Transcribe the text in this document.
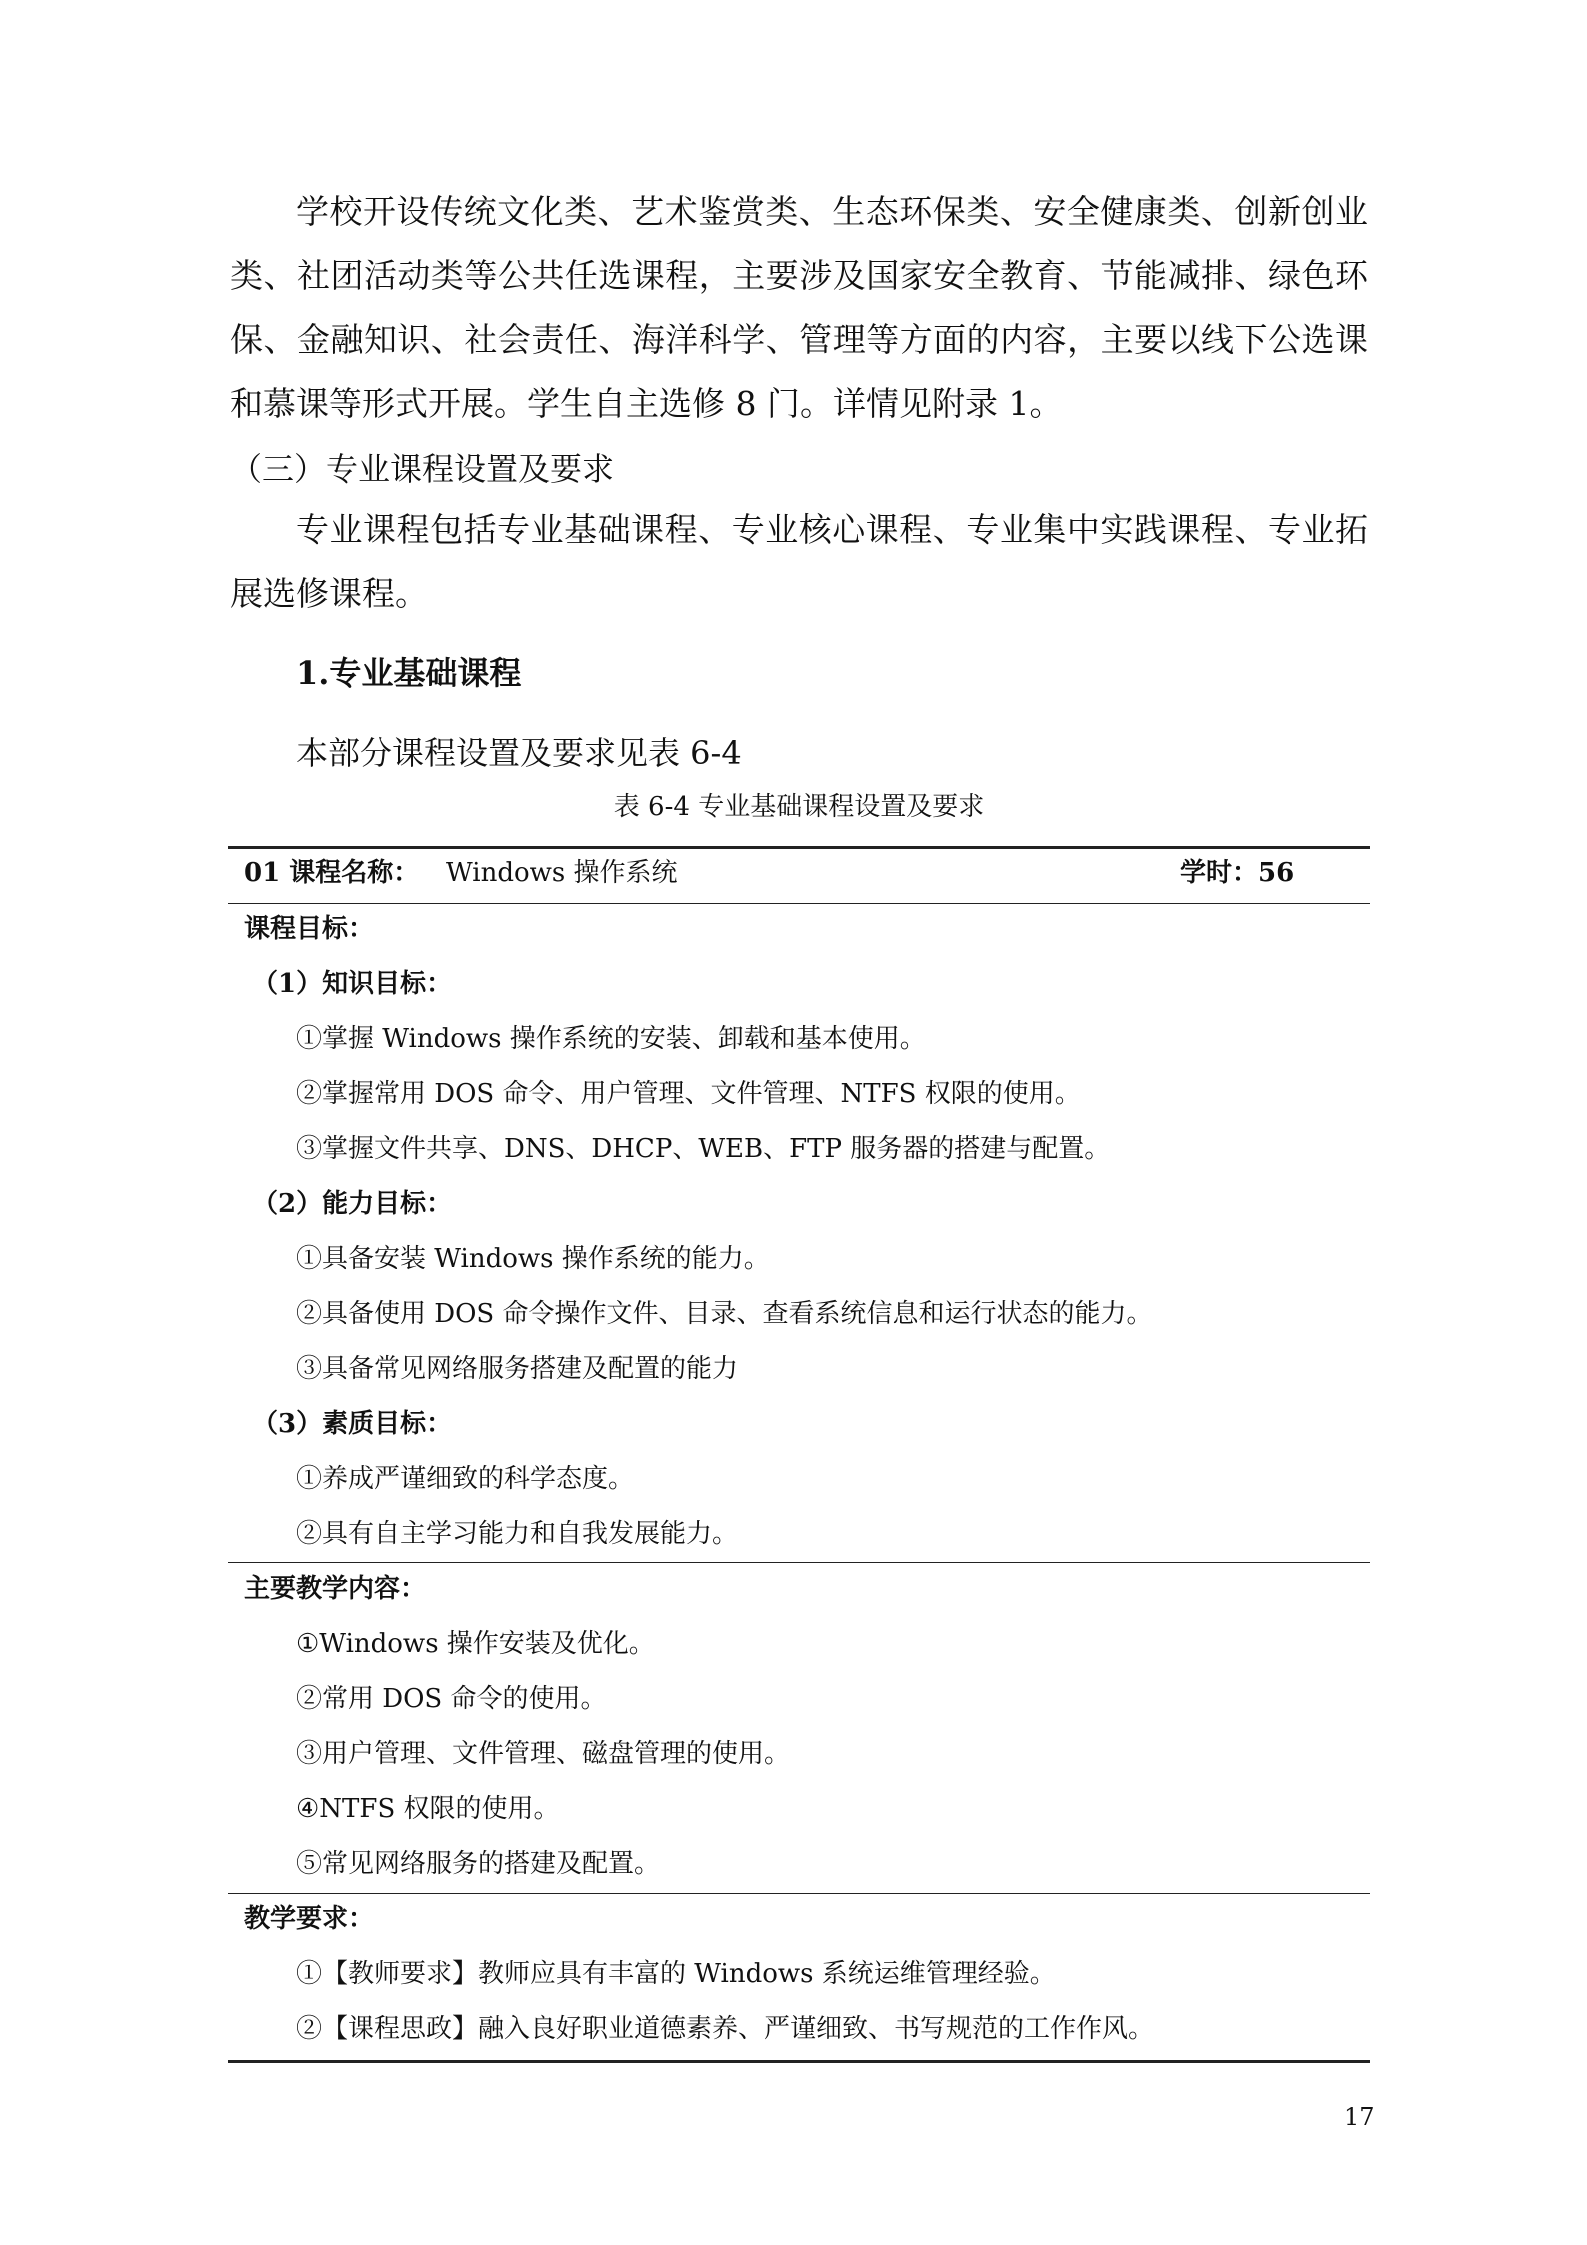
学校开设传统文化类、艺术鉴赏类、生态环保类、安全健康类、创新创业类、社团活动类等公共任选课程，主要涉及国家安全教育、节能减排、绿色环保、金融知识、社会责任、海洋科学、管理等方面的内容，主要以线下公选课和慕课等形式开展。学生自主选修 8 门。详情见附录 1。

（三）专业课程设置及要求

专业课程包括专业基础课程、专业核心课程、专业集中实践课程、专业拓展选修课程。

1.专业基础课程

本部分课程设置及要求见表 6-4

表 6-4 专业基础课程设置及要求

01 课程名称： Windows 操作系统	学时：56

课程目标：

（1）知识目标：

①掌握 Windows 操作系统的安装、卸载和基本使用。

②掌握常用 DOS 命令、用户管理、文件管理、NTFS 权限的使用。

③掌握文件共享、DNS、DHCP、WEB、FTP 服务器的搭建与配置。

（2）能力目标：

①具备安装 Windows 操作系统的能力。

②具备使用 DOS 命令操作文件、目录、查看系统信息和运行状态的能力。

③具备常见网络服务搭建及配置的能力

（3）素质目标：

①养成严谨细致的科学态度。

②具有自主学习能力和自我发展能力。

主要教学内容：

①Windows 操作安装及优化。

②常用 DOS 命令的使用。

③用户管理、文件管理、磁盘管理的使用。

④NTFS 权限的使用。

⑤常见网络服务的搭建及配置。

教学要求：

①【教师要求】教师应具有丰富的 Windows 系统运维管理经验。

②【课程思政】融入良好职业道德素养、严谨细致、书写规范的工作作风。

17
